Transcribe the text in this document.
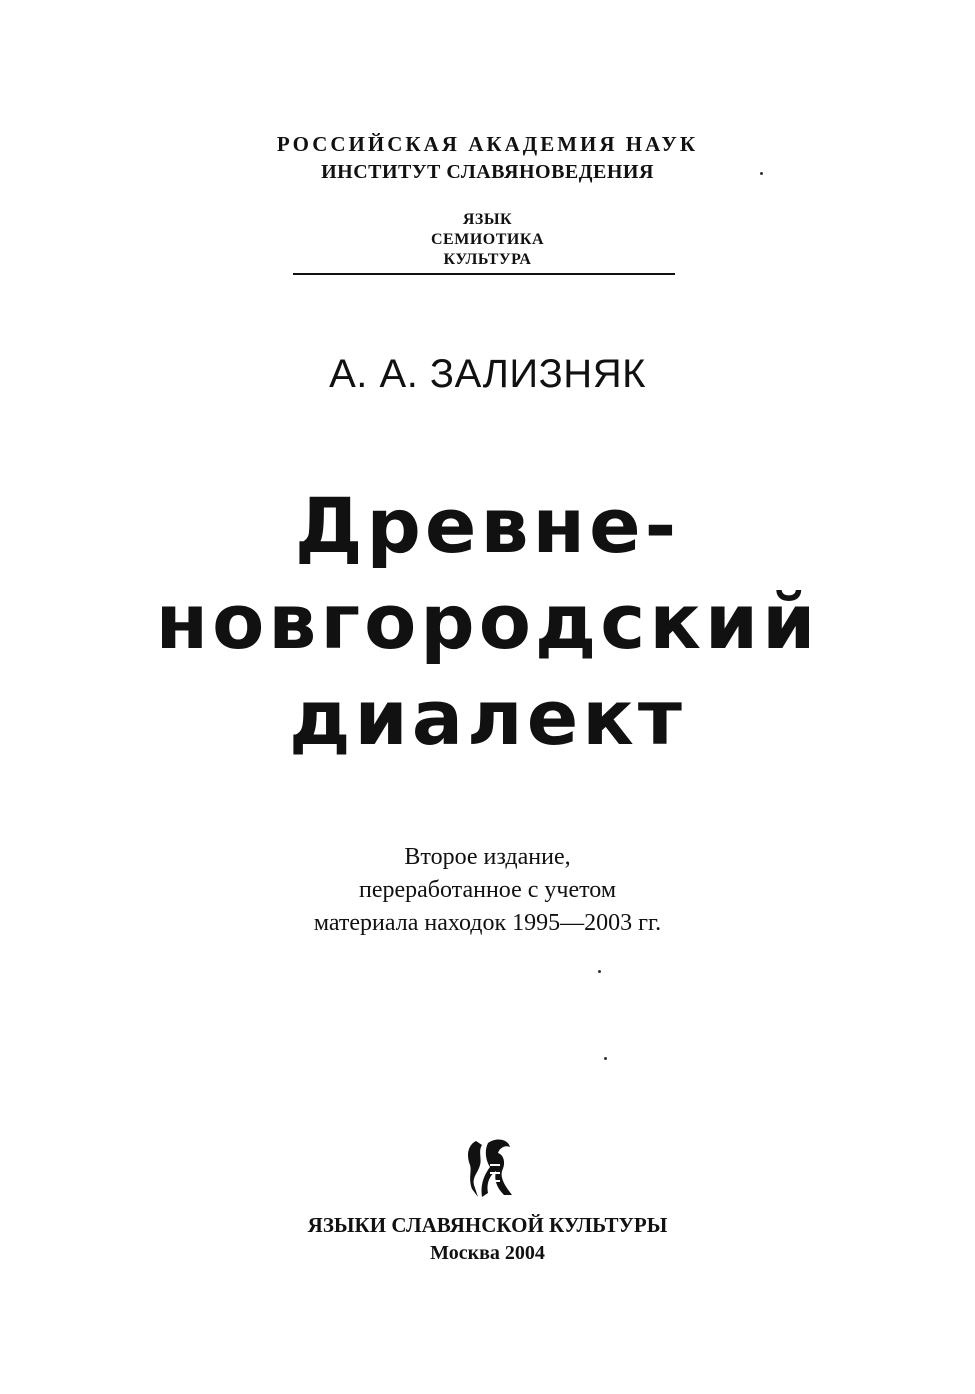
РОССИЙСКАЯ АКАДЕМИЯ НАУК
ИНСТИТУТ СЛАВЯНОВЕДЕНИЯ
ЯЗЫК
СЕМИОТИКА
КУЛЬТУРА
А. А. ЗАЛИЗНЯК
Древне-
новгородский
диалект
Второе издание,
переработанное с учетом
материала находок 1995—2003 гг.
ЯЗЫКИ СЛАВЯНСКОЙ КУЛЬТУРЫ
Москва 2004
